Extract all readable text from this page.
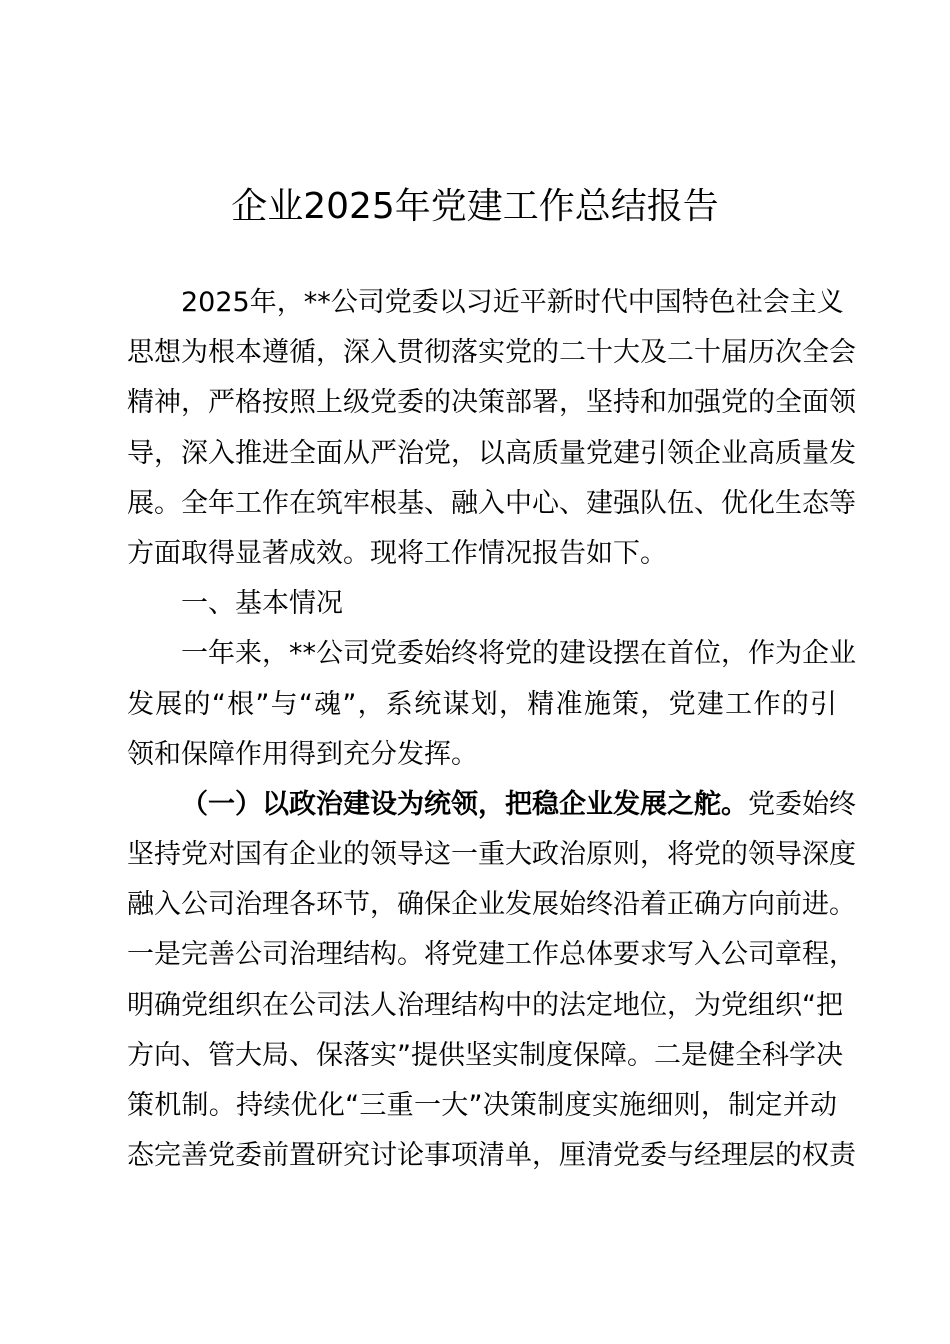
企业2025年党建工作总结报告
2025年，**公司党委以习近平新时代中国特色社会主义
思想为根本遵循，深入贯彻落实党的二十大及二十届历次全会
精神，严格按照上级党委的决策部署，坚持和加强党的全面领
导，深入推进全面从严治党，以高质量党建引领企业高质量发
展。全年工作在筑牢根基、融入中心、建强队伍、优化生态等
方面取得显著成效。现将工作情况报告如下。
一、基本情况
一年来，**公司党委始终将党的建设摆在首位，作为企业
发展的“根”与“魂”，系统谋划，精准施策，党建工作的引
领和保障作用得到充分发挥。
（一）以政治建设为统领，把稳企业发展之舵。党委始终
坚持党对国有企业的领导这一重大政治原则，将党的领导深度
融入公司治理各环节，确保企业发展始终沿着正确方向前进。
一是完善公司治理结构。将党建工作总体要求写入公司章程，
明确党组织在公司法人治理结构中的法定地位，为党组织“把
方向、管大局、保落实”提供坚实制度保障。二是健全科学决
策机制。持续优化“三重一大”决策制度实施细则，制定并动
态完善党委前置研究讨论事项清单，厘清党委与经理层的权责
